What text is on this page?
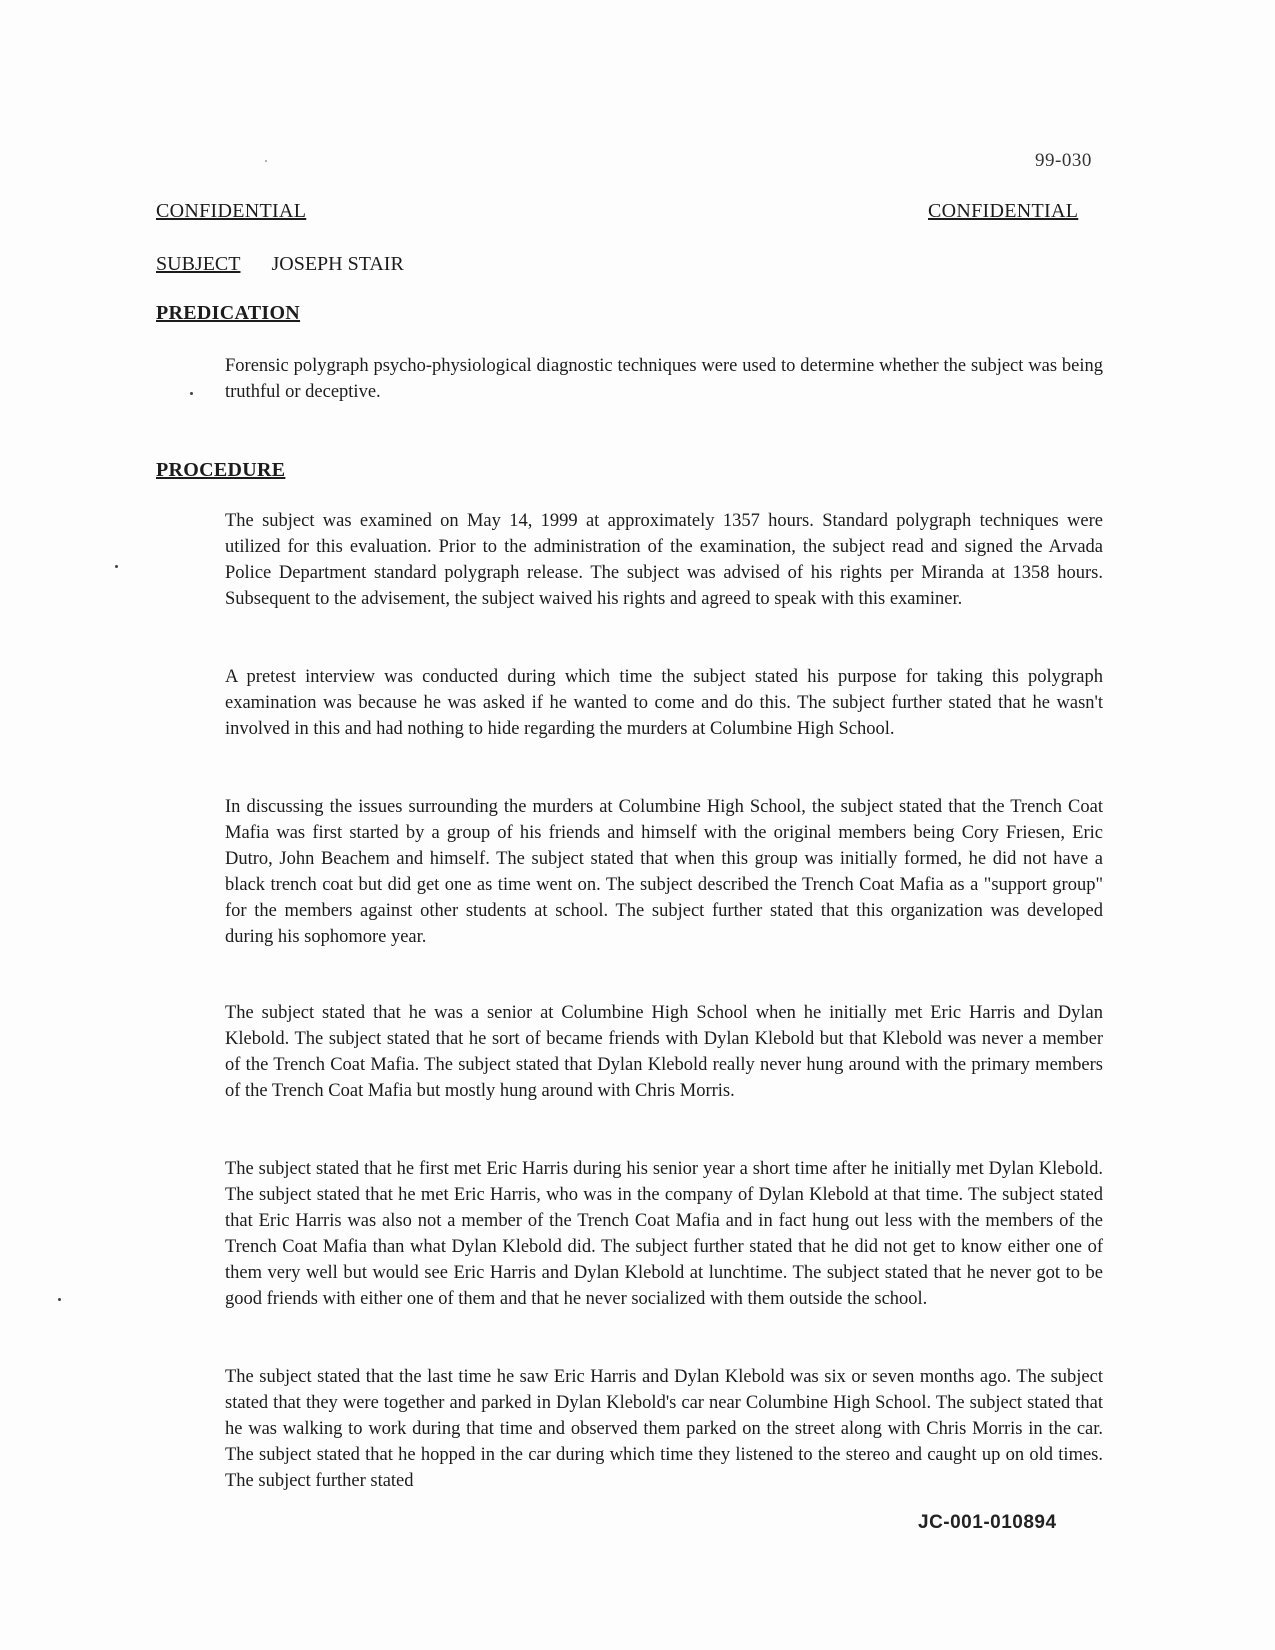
99-030
CONFIDENTIAL	CONFIDENTIAL
SUBJECT JOSEPH STAIR
PREDICATION

Forensic polygraph psycho-physiological diagnostic techniques were used to determine whether the subject was being truthful or deceptive.

PROCEDURE

The subject was examined on May 14, 1999 at approximately 1357 hours. Standard polygraph techniques were utilized for this evaluation. Prior to the administration of the examination, the subject read and signed the Arvada Police Department standard polygraph release. The subject was advised of his rights per Miranda at 1358 hours. Subsequent to the advisement, the subject waived his rights and agreed to speak with this examiner.

A pretest interview was conducted during which time the subject stated his purpose for taking this polygraph examination was because he was asked if he wanted to come and do this. The subject further stated that he wasn't involved in this and had nothing to hide regarding the murders at Columbine High School.

In discussing the issues surrounding the murders at Columbine High School, the subject stated that the Trench Coat Mafia was first started by a group of his friends and himself with the original members being Cory Friesen, Eric Dutro, John Beachem and himself. The subject stated that when this group was initially formed, he did not have a black trench coat but did get one as time went on. The subject described the Trench Coat Mafia as a "support group" for the members against other students at school. The subject further stated that this organization was developed during his sophomore year.

The subject stated that he was a senior at Columbine High School when he initially met Eric Harris and Dylan Klebold. The subject stated that he sort of became friends with Dylan Klebold but that Klebold was never a member of the Trench Coat Mafia. The subject stated that Dylan Klebold really never hung around with the primary members of the Trench Coat Mafia but mostly hung around with Chris Morris.

The subject stated that he first met Eric Harris during his senior year a short time after he initially met Dylan Klebold. The subject stated that he met Eric Harris, who was in the company of Dylan Klebold at that time. The subject stated that Eric Harris was also not a member of the Trench Coat Mafia and in fact hung out less with the members of the Trench Coat Mafia than what Dylan Klebold did. The subject further stated that he did not get to know either one of them very well but would see Eric Harris and Dylan Klebold at lunchtime. The subject stated that he never got to be good friends with either one of them and that he never socialized with them outside the school.

The subject stated that the last time he saw Eric Harris and Dylan Klebold was six or seven months ago. The subject stated that they were together and parked in Dylan Klebold's car near Columbine High School. The subject stated that he was walking to work during that time and observed them parked on the street along with Chris Morris in the car. The subject stated that he hopped in the car during which time they listened to the stereo and caught up on old times. The subject further stated

JC-001-010894
